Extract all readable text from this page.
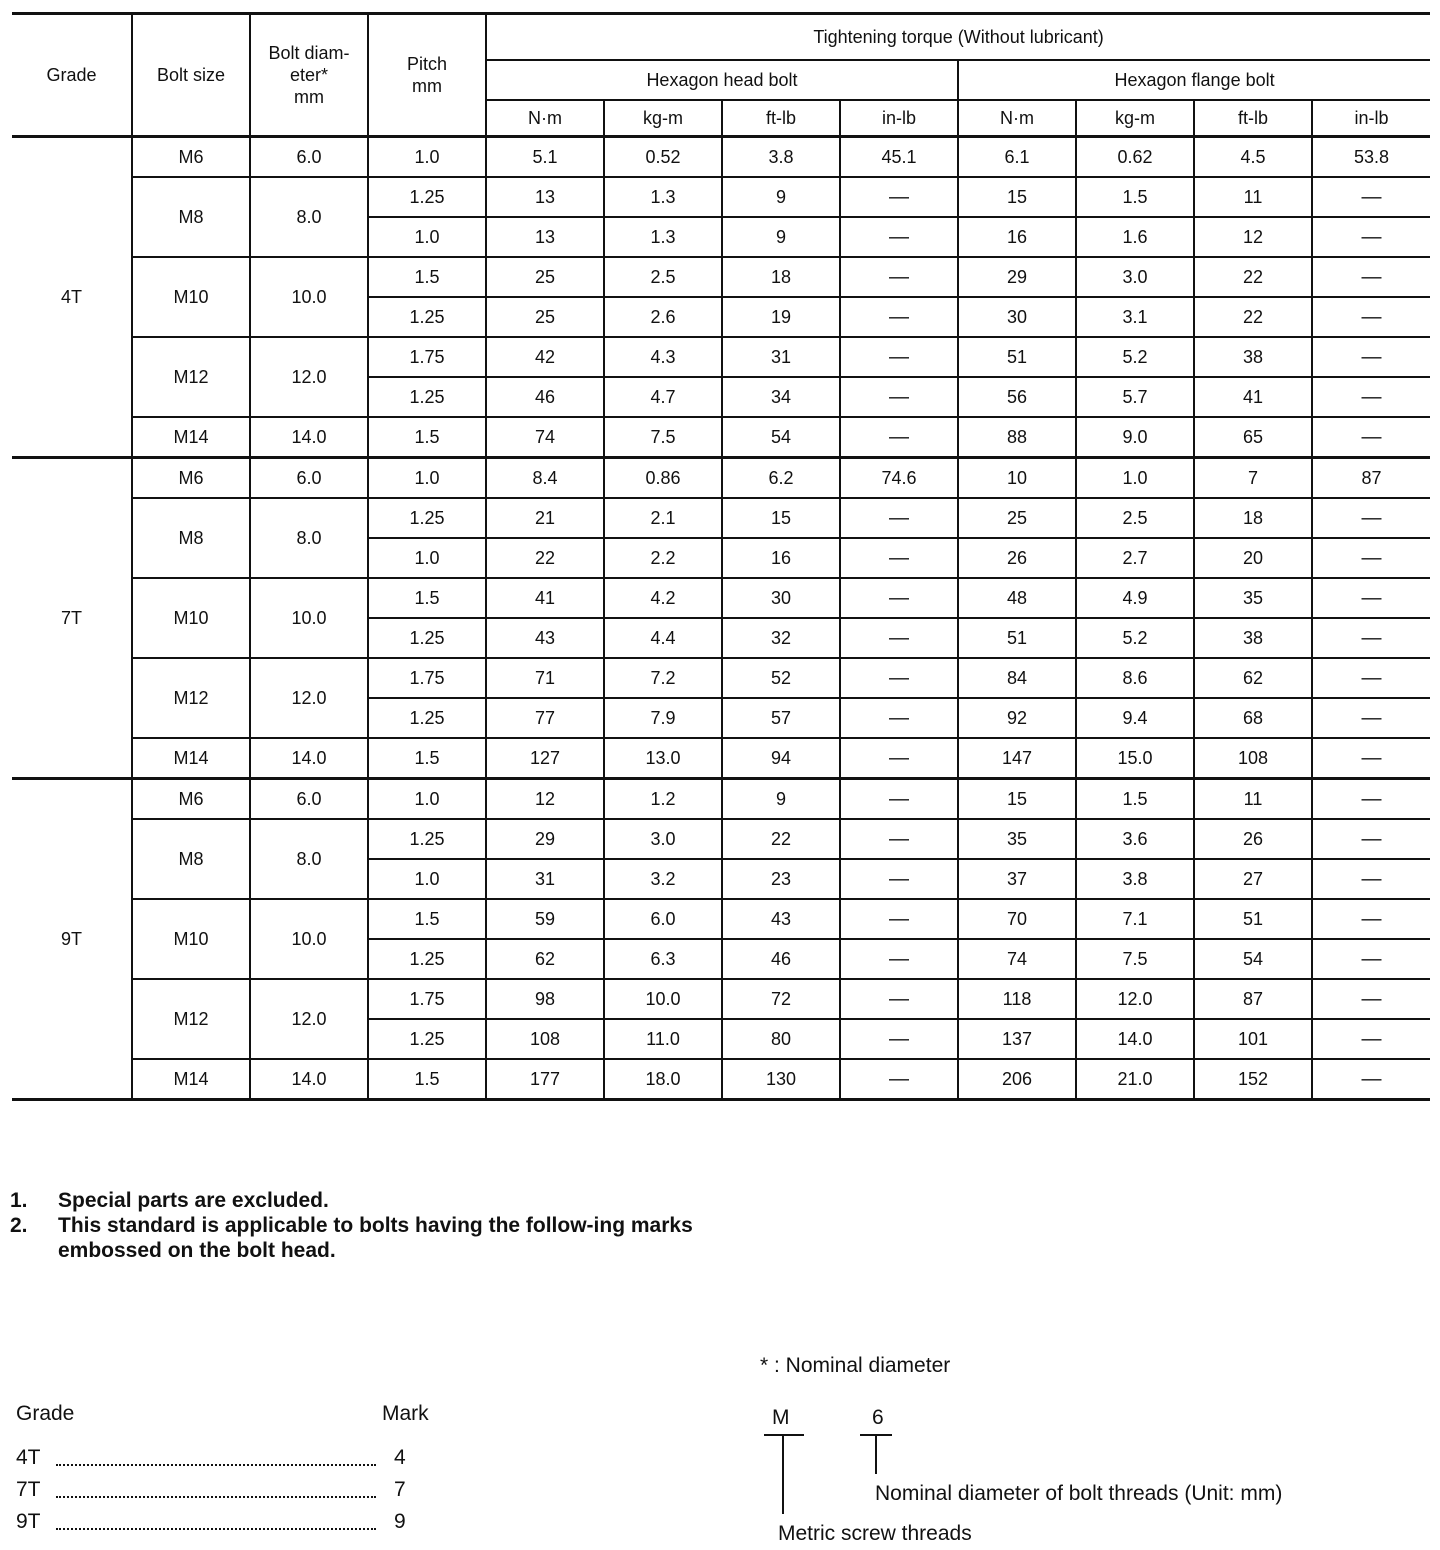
Grade	Bolt size	Bolt diam-
eter*
mm	Pitch
mm	Tightening torque (Without lubricant)							
				Hexagon head bolt				Hexagon flange bolt			
				N·m	kg-m	ft-lb	in-lb	N·m	kg-m	ft-lb	in-lb
4T	M6	6.0	1.0	5.1	0.52	3.8	45.1	6.1	0.62	4.5	53.8
	M8	8.0	1.25	13	1.3	9	—	15	1.5	11	—
			1.0	13	1.3	9	—	16	1.6	12	—
	M10	10.0	1.5	25	2.5	18	—	29	3.0	22	—
			1.25	25	2.6	19	—	30	3.1	22	—
	M12	12.0	1.75	42	4.3	31	—	51	5.2	38	—
			1.25	46	4.7	34	—	56	5.7	41	—
	M14	14.0	1.5	74	7.5	54	—	88	9.0	65	—
7T	M6	6.0	1.0	8.4	0.86	6.2	74.6	10	1.0	7	87
	M8	8.0	1.25	21	2.1	15	—	25	2.5	18	—
			1.0	22	2.2	16	—	26	2.7	20	—
	M10	10.0	1.5	41	4.2	30	—	48	4.9	35	—
			1.25	43	4.4	32	—	51	5.2	38	—
	M12	12.0	1.75	71	7.2	52	—	84	8.6	62	—
			1.25	77	7.9	57	—	92	9.4	68	—
	M14	14.0	1.5	127	13.0	94	—	147	15.0	108	—
9T	M6	6.0	1.0	12	1.2	9	—	15	1.5	11	—
	M8	8.0	1.25	29	3.0	22	—	35	3.6	26	—
			1.0	31	3.2	23	—	37	3.8	27	—
	M10	10.0	1.5	59	6.0	43	—	70	7.1	51	—
			1.25	62	6.3	46	—	74	7.5	54	—
	M12	12.0	1.75	98	10.0	72	—	118	12.0	87	—
			1.25	108	11.0	80	—	137	14.0	101	—
	M14	14.0	1.5	177	18.0	130	—	206	21.0	152	—
1.	Special parts are excluded.
2.	This standard is applicable to bolts having the follow-ing marks embossed on the bolt head.
Grade	Mark
4T	4
7T	7
9T	9
* : Nominal diameter
M	6
Nominal diameter of bolt threads (Unit: mm)
Metric screw threads
